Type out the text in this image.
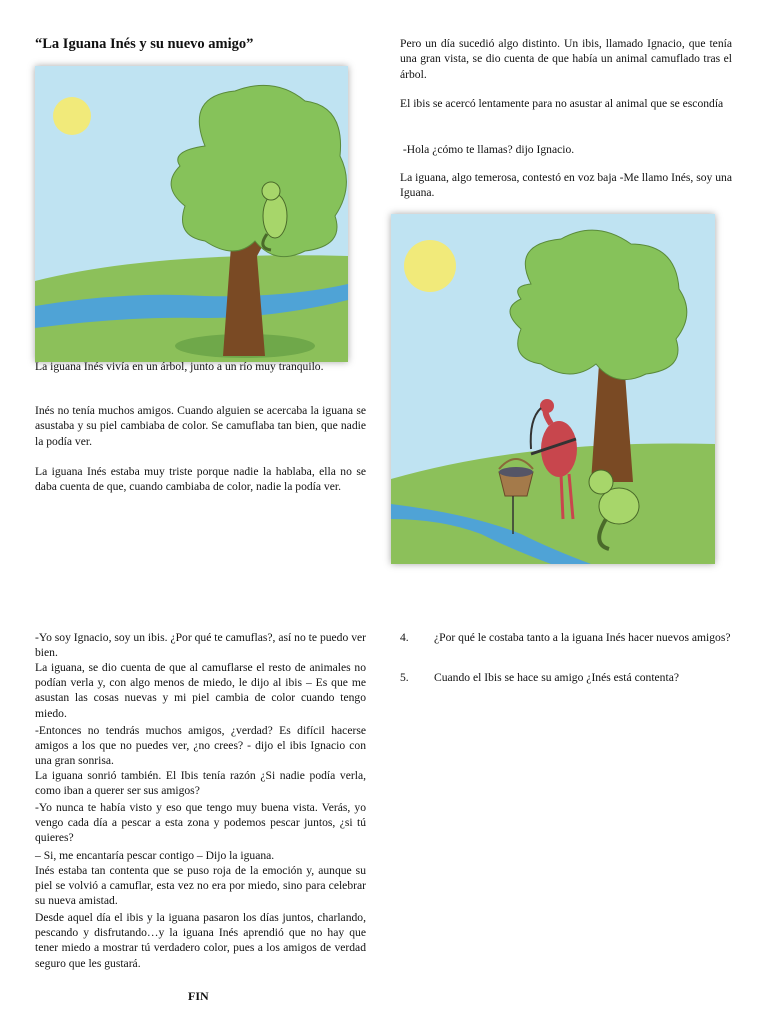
“La Iguana Inés y su nuevo amigo”
La iguana Inés vivía en un árbol, junto a un río muy tranquilo.
Inés no tenía muchos amigos. Cuando alguien se acercaba la iguana se asustaba y su piel cambiaba de color. Se camuflaba tan bien, que nadie la podía ver.
La iguana Inés estaba muy triste porque nadie la hablaba, ella no se daba cuenta de que, cuando cambiaba de color, nadie la podía ver.
Pero un día sucedió algo distinto. Un ibis, llamado Ignacio, que tenía una gran vista, se dio cuenta de que había un animal camuflado tras el árbol.
El ibis se acercó lentamente para no asustar al animal que se escondía
-Hola ¿cómo te llamas? dijo Ignacio.
La iguana, algo temerosa, contestó en voz baja -Me llamo Inés, soy una Iguana.
-Yo soy Ignacio, soy un ibis. ¿Por qué te camuflas?, así no te puedo ver bien.
La iguana, se dio cuenta de que al camuflarse el resto de animales no podían verla y, con algo menos de miedo, le dijo al ibis – Es que me asustan las cosas nuevas y mi piel cambia de color cuando tengo miedo.
-Entonces no tendrás muchos amigos, ¿verdad? Es difícil hacerse amigos a los que no puedes ver, ¿no crees? - dijo el ibis Ignacio con una gran sonrisa.
La iguana sonrió también. El Ibis tenía razón ¿Si nadie podía verla, como iban a querer ser sus amigos?
-Yo nunca te había visto y eso que tengo muy buena vista. Verás, yo vengo cada día a pescar a esta zona y podemos pescar juntos, ¿si tú quieres?
– Si, me encantaría pescar contigo – Dijo la iguana.
Inés estaba tan contenta que se puso roja de la emoción y, aunque su piel se volvió a camuflar, esta vez no era por miedo, sino para celebrar su nueva amistad.
Desde aquel día el ibis y la iguana pasaron los días juntos, charlando, pescando y disfrutando…y la iguana Inés aprendió que no hay que tener miedo a mostrar tú verdadero color, pues a los amigos de verdad seguro que les gustará.
FIN
4. ¿Por qué le costaba tanto a la iguana Inés hacer nuevos amigos?
5. Cuando el Ibis se hace su amigo ¿Inés está contenta?
